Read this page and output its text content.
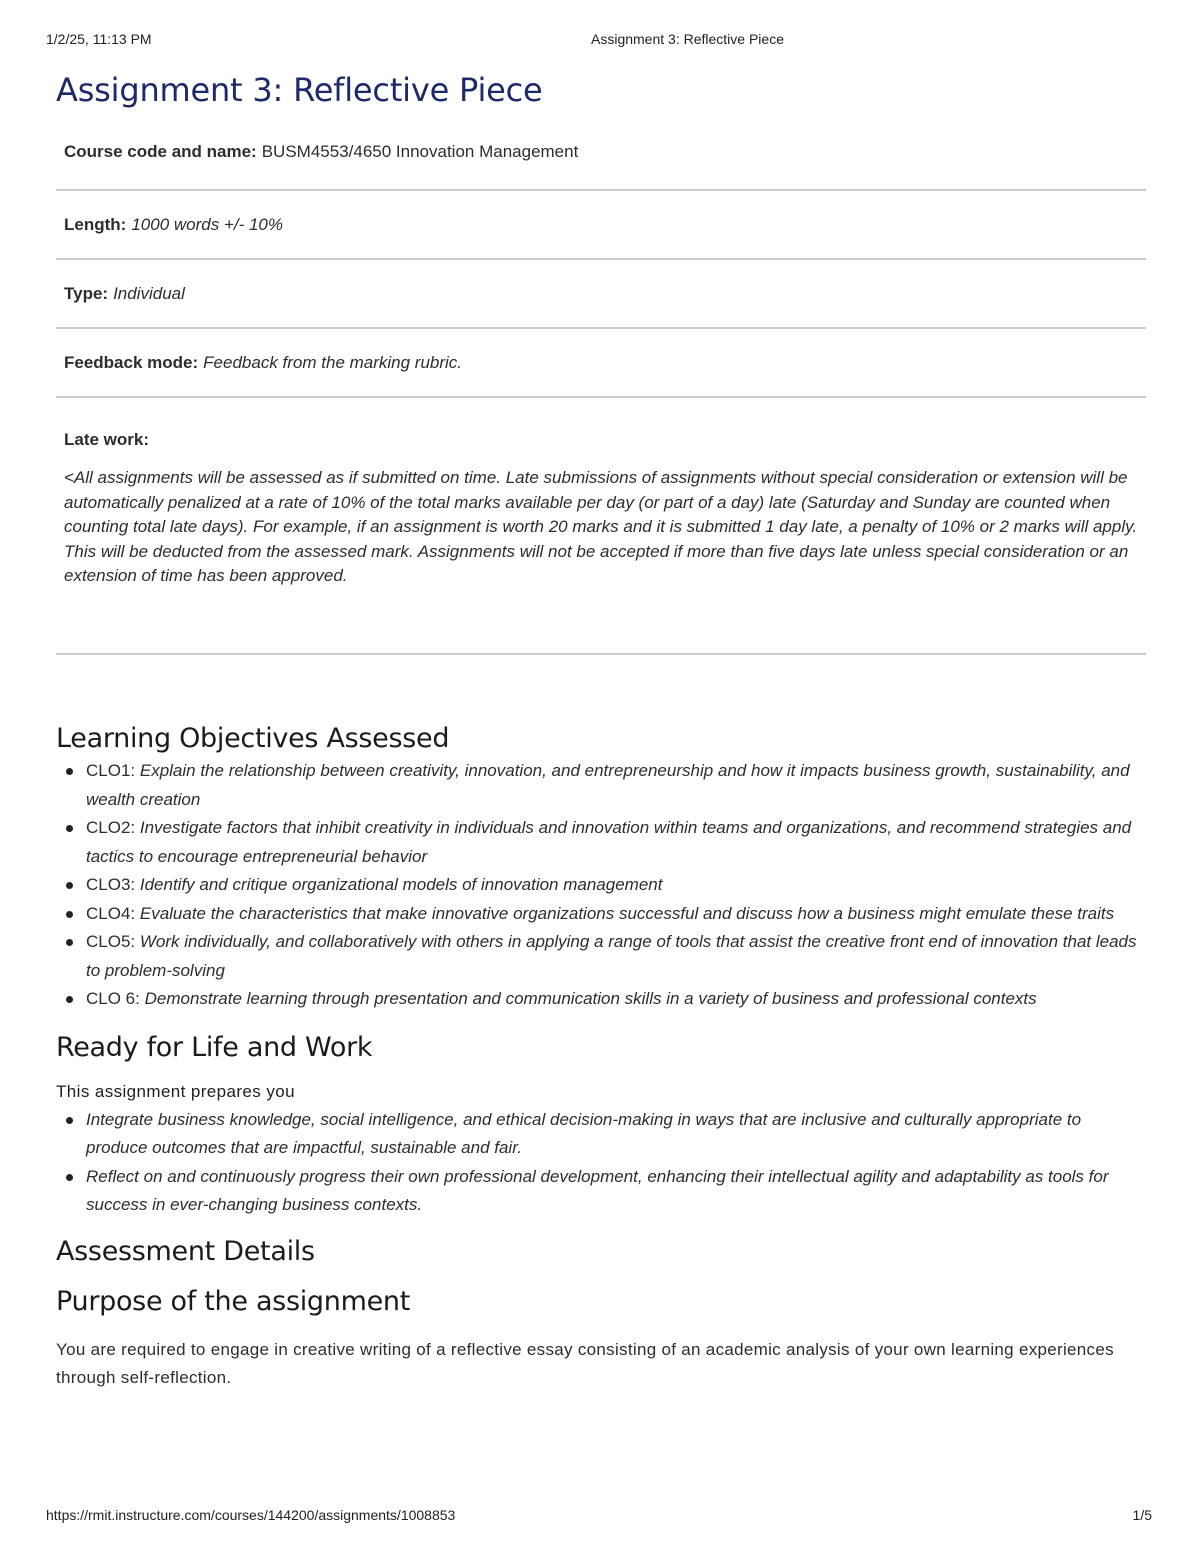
1/2/25, 11:13 PM	Assignment 3: Reflective Piece
Assignment 3: Reflective Piece
Course code and name: BUSM4553/4650 Innovation Management
Length: 1000 words +/- 10%
Type: Individual
Feedback mode: Feedback from the marking rubric.
Late work:
<All assignments will be assessed as if submitted on time. Late submissions of assignments without special consideration or extension will be automatically penalized at a rate of 10% of the total marks available per day (or part of a day) late (Saturday and Sunday are counted when counting total late days). For example, if an assignment is worth 20 marks and it is submitted 1 day late, a penalty of 10% or 2 marks will apply. This will be deducted from the assessed mark. Assignments will not be accepted if more than five days late unless special consideration or an extension of time has been approved.
Learning Objectives Assessed
CLO1: Explain the relationship between creativity, innovation, and entrepreneurship and how it impacts business growth, sustainability, and wealth creation
CLO2: Investigate factors that inhibit creativity in individuals and innovation within teams and organizations, and recommend strategies and tactics to encourage entrepreneurial behavior
CLO3: Identify and critique organizational models of innovation management
CLO4: Evaluate the characteristics that make innovative organizations successful and discuss how a business might emulate these traits
CLO5: Work individually, and collaboratively with others in applying a range of tools that assist the creative front end of innovation that leads to problem-solving
CLO 6: Demonstrate learning through presentation and communication skills in a variety of business and professional contexts
Ready for Life and Work
This assignment prepares you
Integrate business knowledge, social intelligence, and ethical decision-making in ways that are inclusive and culturally appropriate to produce outcomes that are impactful, sustainable and fair.
Reflect on and continuously progress their own professional development, enhancing their intellectual agility and adaptability as tools for success in ever-changing business contexts.
Assessment Details
Purpose of the assignment
You are required to engage in creative writing of a reflective essay consisting of an academic analysis of your own learning experiences through self-reflection.
https://rmit.instructure.com/courses/144200/assignments/1008853	1/5
